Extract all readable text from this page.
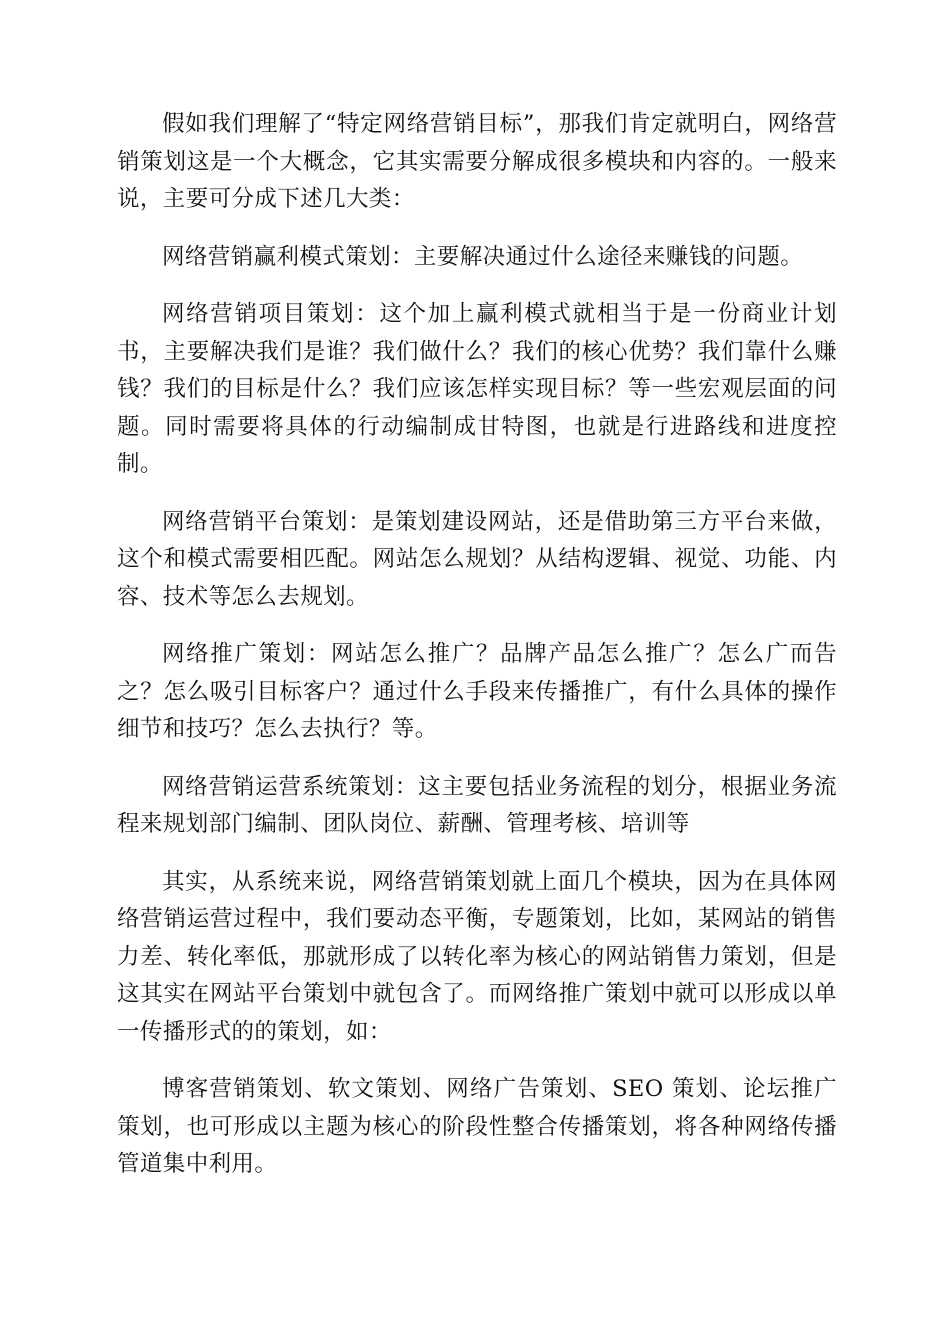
假如我们理解了“特定网络营销目标”，那我们肯定就明白，网络营销策划这是一个大概念，它其实需要分解成很多模块和内容的。一般来说，主要可分成下述几大类：

网络营销赢利模式策划：主要解决通过什么途径来赚钱的问题。

网络营销项目策划：这个加上赢利模式就相当于是一份商业计划书，主要解决我们是谁？我们做什么？我们的核心优势？我们靠什么赚钱？我们的目标是什么？我们应该怎样实现目标？等一些宏观层面的问题。同时需要将具体的行动编制成甘特图，也就是行进路线和进度控制。

网络营销平台策划：是策划建设网站，还是借助第三方平台来做，这个和模式需要相匹配。网站怎么规划？从结构逻辑、视觉、功能、内容、技术等怎么去规划。

网络推广策划：网站怎么推广？品牌产品怎么推广？怎么广而告之？怎么吸引目标客户？通过什么手段来传播推广，有什么具体的操作细节和技巧？怎么去执行？等。

网络营销运营系统策划：这主要包括业务流程的划分，根据业务流程来规划部门编制、团队岗位、薪酬、管理考核、培训等

其实，从系统来说，网络营销策划就上面几个模块，因为在具体网络营销运营过程中，我们要动态平衡，专题策划，比如，某网站的销售力差、转化率低，那就形成了以转化率为核心的网站销售力策划，但是这其实在网站平台策划中就包含了。而网络推广策划中就可以形成以单一传播形式的的策划，如：

博客营销策划、软文策划、网络广告策划、SEO 策划、论坛推广策划，也可形成以主题为核心的阶段性整合传播策划，将各种网络传播管道集中利用。
